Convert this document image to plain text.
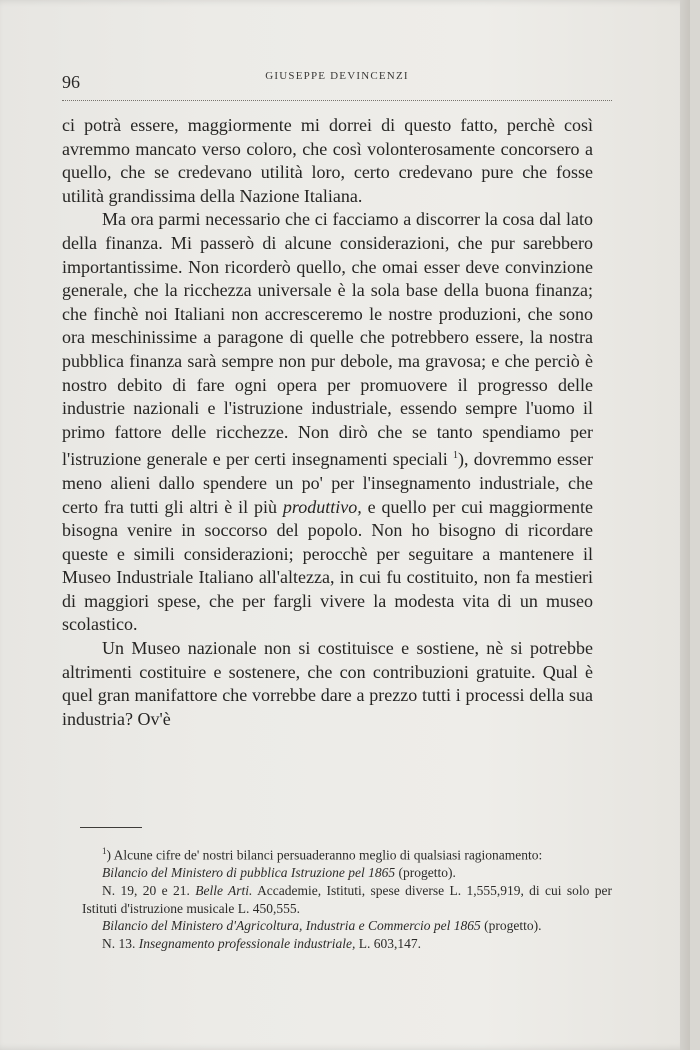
96	GIUSEPPE DEVINCENZI

ci potrà essere, maggiormente mi dorrei di questo fatto, perchè così avremmo mancato verso coloro, che così volonterosamente concorsero a quello, che se credevano utilità loro, certo credevano pure che fosse utilità grandissima della Nazione Italiana.

Ma ora parmi necessario che ci facciamo a discorrer la cosa dal lato della finanza. Mi passerò di alcune considerazioni, che pur sarebbero importantissime. Non ricorderò quello, che omai esser deve convinzione generale, che la ricchezza universale è la sola base della buona finanza; che finchè noi Italiani non accresceremo le nostre produzioni, che sono ora meschinissime a paragone di quelle che potrebbero essere, la nostra pubblica finanza sarà sempre non pur debole, ma gravosa; e che perciò è nostro debito di fare ogni opera per promuovere il progresso delle industrie nazionali e l'istruzione industriale, essendo sempre l'uomo il primo fattore delle ricchezze. Non dirò che se tanto spendiamo per l'istruzione generale e per certi insegnamenti speciali $^1$), dovremmo esser meno alieni dallo spendere un po' per l'insegnamento industriale, che certo fra tutti gli altri è il più produttivo, e quello per cui maggiormente bisogna venire in soccorso del popolo. Non ho bisogno di ricordare queste e simili considerazioni; perocchè per seguitare a mantenere il Museo Industriale Italiano all'altezza, in cui fu costituito, non fa mestieri di maggiori spese, che per fargli vivere la modesta vita di un museo scolastico.

Un Museo nazionale non si costituisce e sostiene, nè si potrebbe altrimenti costituire e sostenere, che con contribuzioni gratuite. Qual è quel gran manifattore che vorrebbe dare a prezzo tutti i processi della sua industria? Ov'è

$^1$) Alcune cifre de' nostri bilanci persuaderanno meglio di qualsiasi ragionamento:

Bilancio del Ministero di pubblica Istruzione pel 1865 (progetto).

N. 19, 20 e 21. Belle Arti. Accademie, Istituti, spese diverse L. 1,555,919, di cui solo per Istituti d'istruzione musicale L. 450,555.

Bilancio del Ministero d'Agricoltura, Industria e Commercio pel 1865 (progetto).

N. 13. Insegnamento professionale industriale, L. 603,147.
